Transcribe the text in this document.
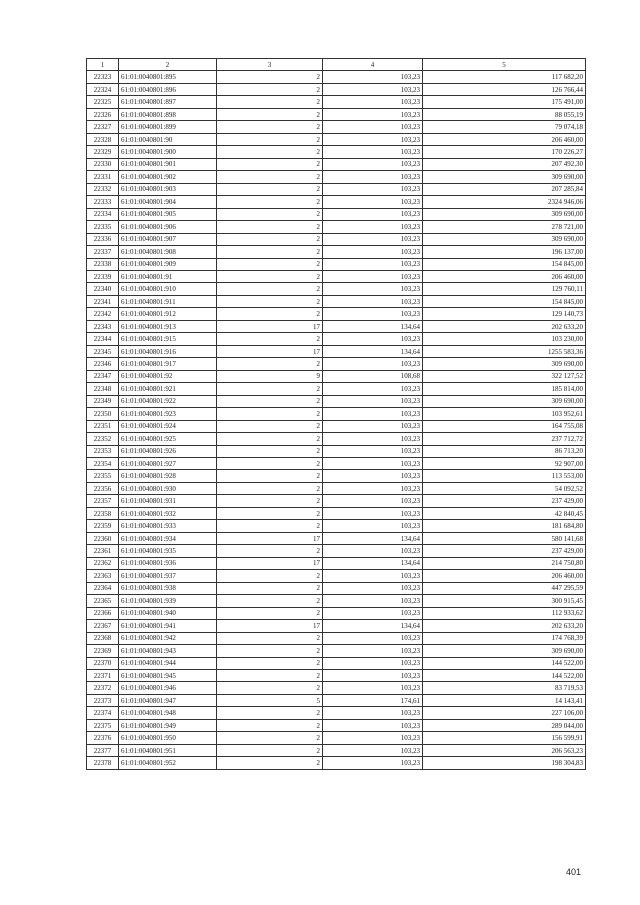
1	2	3	4	5
22323	61:01:0040801:895	2	103,23	117 682,20
22324	61:01:0040801:896	2	103,23	126 766,44
22325	61:01:0040801:897	2	103,23	175 491,00
22326	61:01:0040801:898	2	103,23	88 055,19
22327	61:01:0040801:899	2	103,23	79 074,18
22328	61:01:0040801:90	2	103,23	206 460,00
22329	61:01:0040801:900	2	103,23	170 226,27
22330	61:01:0040801:901	2	103,23	207 492,30
22331	61:01:0040801:902	2	103,23	309 690,00
22332	61:01:0040801:903	2	103,23	207 285,84
22333	61:01:0040801:904	2	103,23	2324 946,06
22334	61:01:0040801:905	2	103,23	309 690,00
22335	61:01:0040801:906	2	103,23	278 721,00
22336	61:01:0040801:907	2	103,23	309 690,00
22337	61:01:0040801:908	2	103,23	196 137,00
22338	61:01:0040801:909	2	103,23	154 845,00
22339	61:01:0040801:91	2	103,23	206 460,00
22340	61:01:0040801:910	2	103,23	129 760,11
22341	61:01:0040801:911	2	103,23	154 845,00
22342	61:01:0040801:912	2	103,23	129 140,73
22343	61:01:0040801:913	17	134,64	202 633,20
22344	61:01:0040801:915	2	103,23	103 230,00
22345	61:01:0040801:916	17	134,64	1255 583,36
22346	61:01:0040801:917	2	103,23	309 690,00
22347	61:01:0040801:92	9	108,68	322 127,52
22348	61:01:0040801:921	2	103,23	185 814,00
22349	61:01:0040801:922	2	103,23	309 690,00
22350	61:01:0040801:923	2	103,23	103 952,61
22351	61:01:0040801:924	2	103,23	164 755,08
22352	61:01:0040801:925	2	103,23	237 712,72
22353	61:01:0040801:926	2	103,23	86 713,20
22354	61:01:0040801:927	2	103,23	92 907,00
22355	61:01:0040801:928	2	103,23	113 553,00
22356	61:01:0040801:930	2	103,23	54 092,52
22357	61:01:0040801:931	2	103,23	237 429,00
22358	61:01:0040801:932	2	103,23	42 840,45
22359	61:01:0040801:933	2	103,23	181 684,80
22360	61:01:0040801:934	17	134,64	580 141,68
22361	61:01:0040801:935	2	103,23	237 429,00
22362	61:01:0040801:936	17	134,64	214 750,80
22363	61:01:0040801:937	2	103,23	206 460,00
22364	61:01:0040801:938	2	103,23	447 295,59
22365	61:01:0040801:939	2	103,23	300 915,45
22366	61:01:0040801:940	2	103,23	112 933,62
22367	61:01:0040801:941	17	134,64	202 633,20
22368	61:01:0040801:942	2	103,23	174 768,39
22369	61:01:0040801:943	2	103,23	309 690,00
22370	61:01:0040801:944	2	103,23	144 522,00
22371	61:01:0040801:945	2	103,23	144 522,00
22372	61:01:0040801:946	2	103,23	83 719,53
22373	61:01:0040801:947	5	174,61	14 143,41
22374	61:01:0040801:948	2	103,23	227 106,00
22375	61:01:0040801:949	2	103,23	289 044,00
22376	61:01:0040801:950	2	103,23	156 599,91
22377	61:01:0040801:951	2	103,23	206 563,23
22378	61:01:0040801:952	2	103,23	198 304,83
401
